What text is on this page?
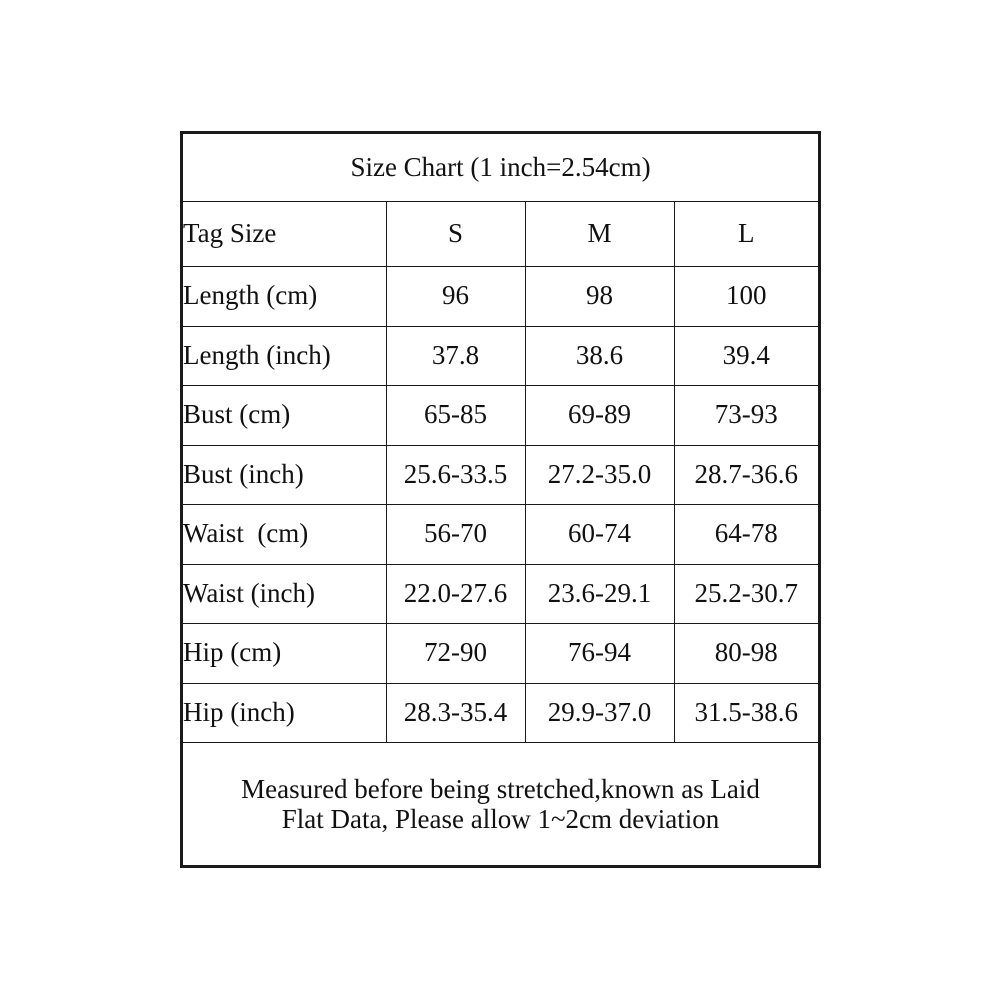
Size Chart (1 inch=2.54cm)			
Tag Size	S	M	L
Length (cm)	96	98	100
Length (inch)	37.8	38.6	39.4
Bust (cm)	65-85	69-89	73-93
Bust (inch)	25.6-33.5	27.2-35.0	28.7-36.6
Waist  (cm)	56-70	60-74	64-78
Waist (inch)	22.0-27.6	23.6-29.1	25.2-30.7
Hip (cm)	72-90	76-94	80-98
Hip (inch)	28.3-35.4	29.9-37.0	31.5-38.6

Measured before being stretched,known as Laid
Flat Data, Please allow 1~2cm deviation			
